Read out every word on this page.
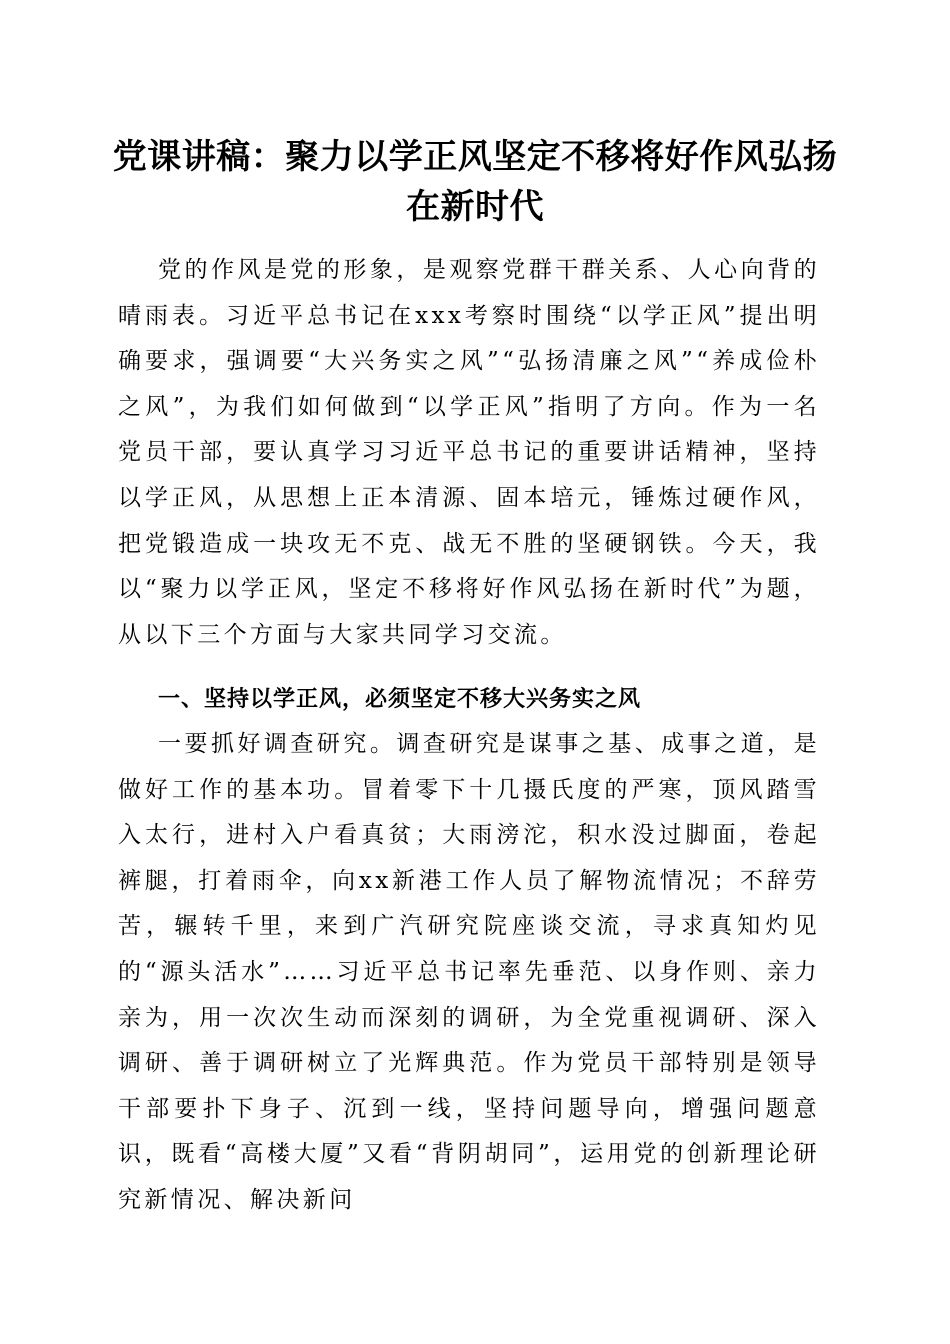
党课讲稿：聚力以学正风坚定不移将好作风弘扬在新时代

党的作风是党的形象，是观察党群干群关系、人心向背的晴雨表。习近平总书记在xxx考察时围绕“以学正风”提出明确要求，强调要“大兴务实之风”“弘扬清廉之风”“养成俭朴之风”，为我们如何做到“以学正风”指明了方向。作为一名党员干部，要认真学习习近平总书记的重要讲话精神，坚持以学正风，从思想上正本清源、固本培元，锤炼过硬作风，把党锻造成一块攻无不克、战无不胜的坚硬钢铁。今天，我以“聚力以学正风，坚定不移将好作风弘扬在新时代”为题，从以下三个方面与大家共同学习交流。

一、坚持以学正风，必须坚定不移大兴务实之风

一要抓好调查研究。调查研究是谋事之基、成事之道，是做好工作的基本功。冒着零下十几摄氏度的严寒，顶风踏雪入太行，进村入户看真贫；大雨滂沱，积水没过脚面，卷起裤腿，打着雨伞，向xx新港工作人员了解物流情况；不辞劳苦，辗转千里，来到广汽研究院座谈交流，寻求真知灼见的“源头活水”……习近平总书记率先垂范、以身作则、亲力亲为，用一次次生动而深刻的调研，为全党重视调研、深入调研、善于调研树立了光辉典范。作为党员干部特别是领导干部要扑下身子、沉到一线，坚持问题导向，增强问题意识，既看“高楼大厦”又看“背阴胡同”，运用党的创新理论研究新情况、解决新问
